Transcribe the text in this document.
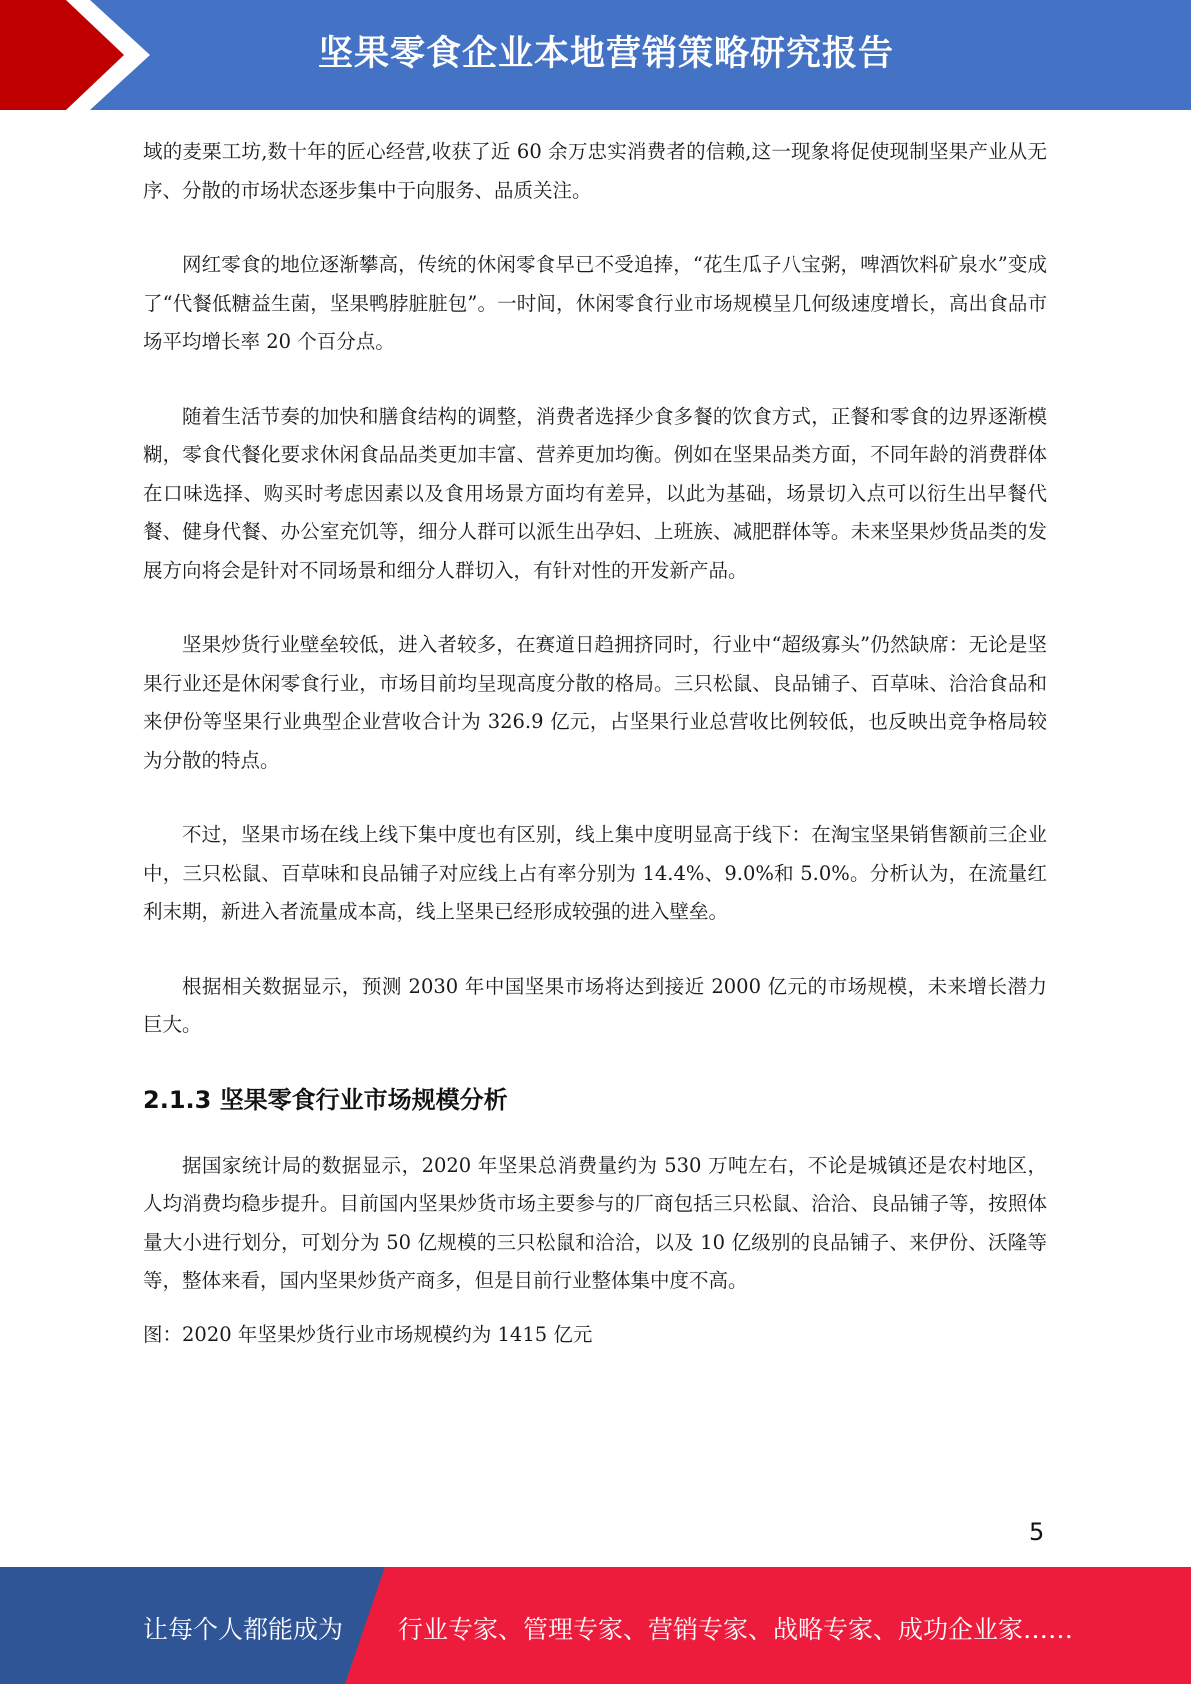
坚果零食企业本地营销策略研究报告

域的麦栗工坊,数十年的匠心经营,收获了近 60 余万忠实消费者的信赖,这一现象将促使现制坚果产业从无序、分散的市场状态逐步集中于向服务、品质关注。

网红零食的地位逐渐攀高，传统的休闲零食早已不受追捧，“花生瓜子八宝粥，啤酒饮料矿泉水”变成了“代餐低糖益生菌，坚果鸭脖脏脏包”。一时间，休闲零食行业市场规模呈几何级速度增长，高出食品市场平均增长率 20 个百分点。

随着生活节奏的加快和膳食结构的调整，消费者选择少食多餐的饮食方式，正餐和零食的边界逐渐模糊，零食代餐化要求休闲食品品类更加丰富、营养更加均衡。例如在坚果品类方面，不同年龄的消费群体在口味选择、购买时考虑因素以及食用场景方面均有差异，以此为基础，场景切入点可以衍生出早餐代餐、健身代餐、办公室充饥等，细分人群可以派生出孕妇、上班族、减肥群体等。未来坚果炒货品类的发展方向将会是针对不同场景和细分人群切入，有针对性的开发新产品。

坚果炒货行业壁垒较低，进入者较多，在赛道日趋拥挤同时，行业中“超级寡头”仍然缺席：无论是坚果行业还是休闲零食行业，市场目前均呈现高度分散的格局。三只松鼠、良品铺子、百草味、洽洽食品和来伊份等坚果行业典型企业营收合计为 326.9 亿元，占坚果行业总营收比例较低，也反映出竞争格局较为分散的特点。

不过，坚果市场在线上线下集中度也有区别，线上集中度明显高于线下：在淘宝坚果销售额前三企业中，三只松鼠、百草味和良品铺子对应线上占有率分别为 14.4%、9.0%和 5.0%。分析认为，在流量红利末期，新进入者流量成本高，线上坚果已经形成较强的进入壁垒。

根据相关数据显示，预测 2030 年中国坚果市场将达到接近 2000 亿元的市场规模，未来增长潜力巨大。

2.1.3 坚果零食行业市场规模分析

据国家统计局的数据显示，2020 年坚果总消费量约为 530 万吨左右，不论是城镇还是农村地区，人均消费均稳步提升。目前国内坚果炒货市场主要参与的厂商包括三只松鼠、洽洽、良品铺子等，按照体量大小进行划分，可划分为 50 亿规模的三只松鼠和洽洽，以及 10 亿级别的良品铺子、来伊份、沃隆等等，整体来看，国内坚果炒货产商多，但是目前行业整体集中度不高。

图：2020 年坚果炒货行业市场规模约为 1415 亿元

5
让每个人都能成为 行业专家、管理专家、营销专家、战略专家、成功企业家……
